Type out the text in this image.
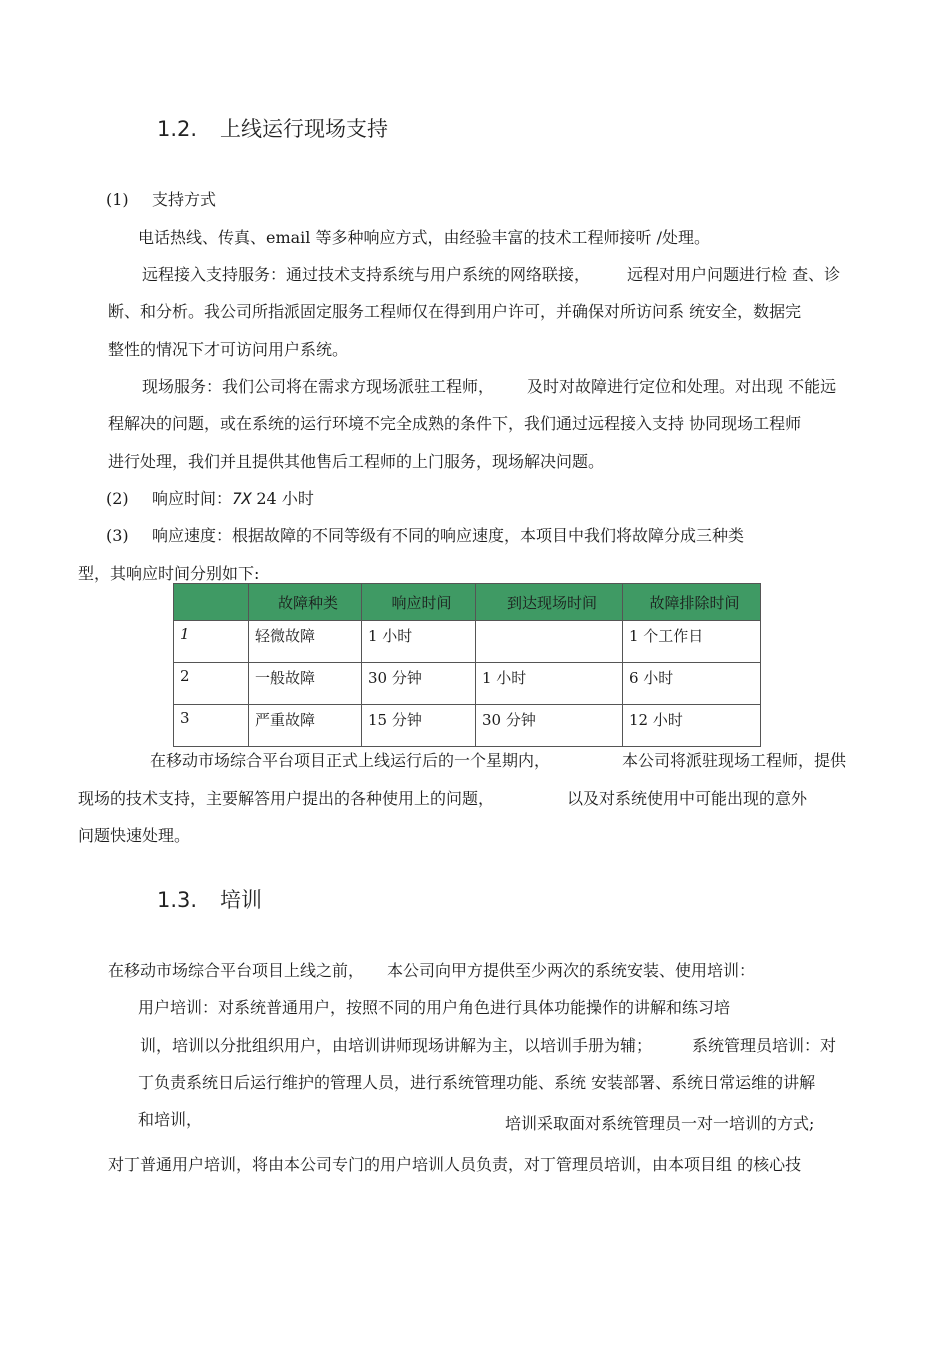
1.2. 上线运行现场支持
(1) 支持方式
电话热线、传真、email 等多种响应方式，由经验丰富的技术工程师接听 /处理。
远程接入支持服务：通过技术支持系统与用户系统的网络联接， 远程对用户问题进行检 查、诊
断、和分析。我公司所指派固定服务工程师仅在得到用户许可，并确保对所访问系 统安全，数据完
整性的情况下才可访问用户系统。
现场服务：我们公司将在需求方现场派驻工程师， 及时对故障进行定位和处理。对出现 不能远
程解决的问题，或在系统的运行环境不完全成熟的条件下，我们通过远程接入支持 协同现场工程师
进行处理，我们并且提供其他售后工程师的上门服务，现场解决问题。
(2) 响应时间：7X 24 小时
(3) 响应速度：根据故障的不同等级有不同的响应速度，本项目中我们将故障分成三种类
型，其响应时间分别如下:
	故障种类	响应时间	到达现场时间	故障排除时间
1	轻微故障	1 小时		1 个工作日
2	一般故障	30 分钟	1 小时	6 小时
3	严重故障	15 分钟	30 分钟	12 小时
在移动市场综合平台项目正式上线运行后的一个星期内，	本公司将派驻现场工程师，提供
现场的技术支持，主要解答用户提出的各种使用上的问题，	以及对系统使用中可能出现的意外
问题快速处理。
1.3. 培训
在移动市场综合平台项目上线之前， 本公司向甲方提供至少两次的系统安装、使用培训：
用户培训：对系统普通用户，按照不同的用户角色进行具体功能操作的讲解和练习培
训，培训以分批组织用户，由培训讲师现场讲解为主，以培训手册为辅； 系统管理员培训：对
丁负责系统日后运行维护的管理人员，进行系统管理功能、系统 安装部署、系统日常运维的讲解
和培训，	培训采取面对系统管理员一对一培训的方式;
对丁普通用户培训，将由本公司专门的用户培训人员负责，对丁管理员培训，由本项目组 的核心技
